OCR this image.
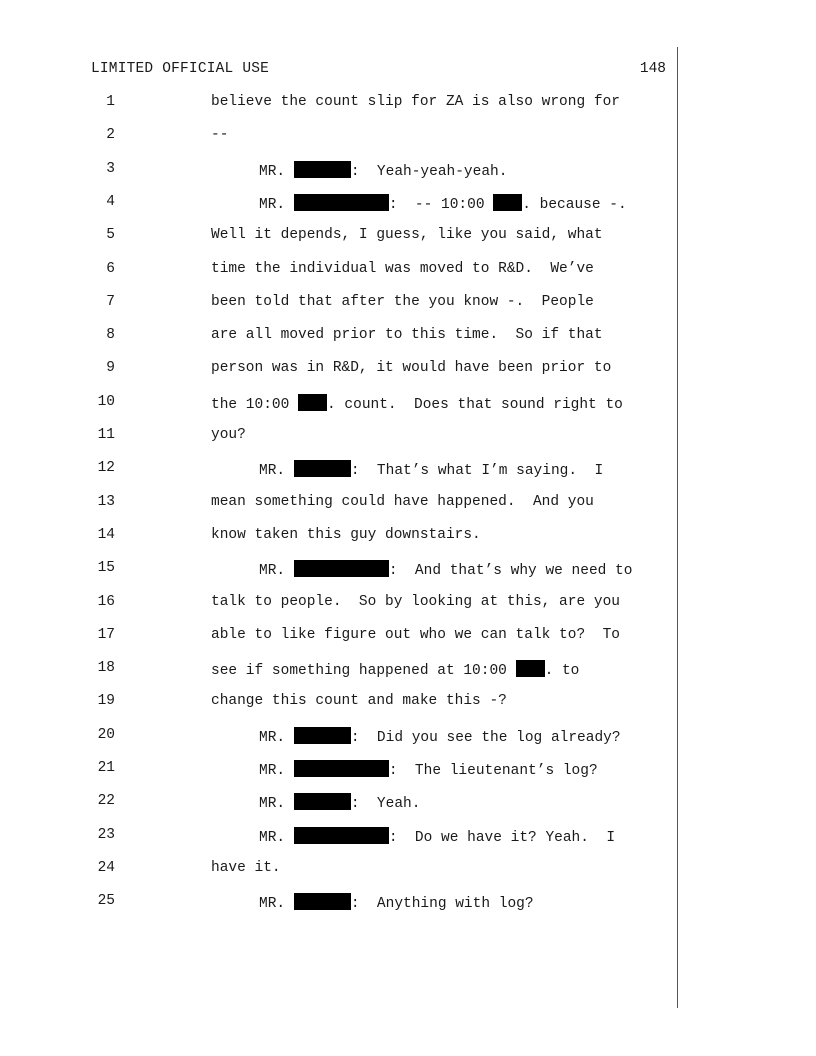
LIMITED OFFICIAL USE	148
1	believe the count slip for ZA is also wrong for
2	--
3	MR.	:  Yeah-yeah-yeah.
4	MR.	:  -- 10:00 . because -.
5	Well it depends, I guess, like you said, what
6	time the individual was moved to R&D.  We’ve
7	been told that after the you know -.  People
8	are all moved prior to this time.  So if that
9	person was in R&D, it would have been prior to
10	the 10:00 . count.  Does that sound right to
11	you?
12	MR.	:  That’s what I’m saying.  I
13	mean something could have happened.  And you
14	know taken this guy downstairs.
15	MR.	:  And that’s why we need to
16	talk to people.  So by looking at this, are you
17	able to like figure out who we can talk to?  To
18	see if something happened at 10:00 . to
19	change this count and make this -?
20	MR.	:  Did you see the log already?
21	MR.	:  The lieutenant’s log?
22	MR.	:  Yeah.
23	MR.	:  Do we have it? Yeah.  I
24	have it.
25	MR.	:  Anything with log?
